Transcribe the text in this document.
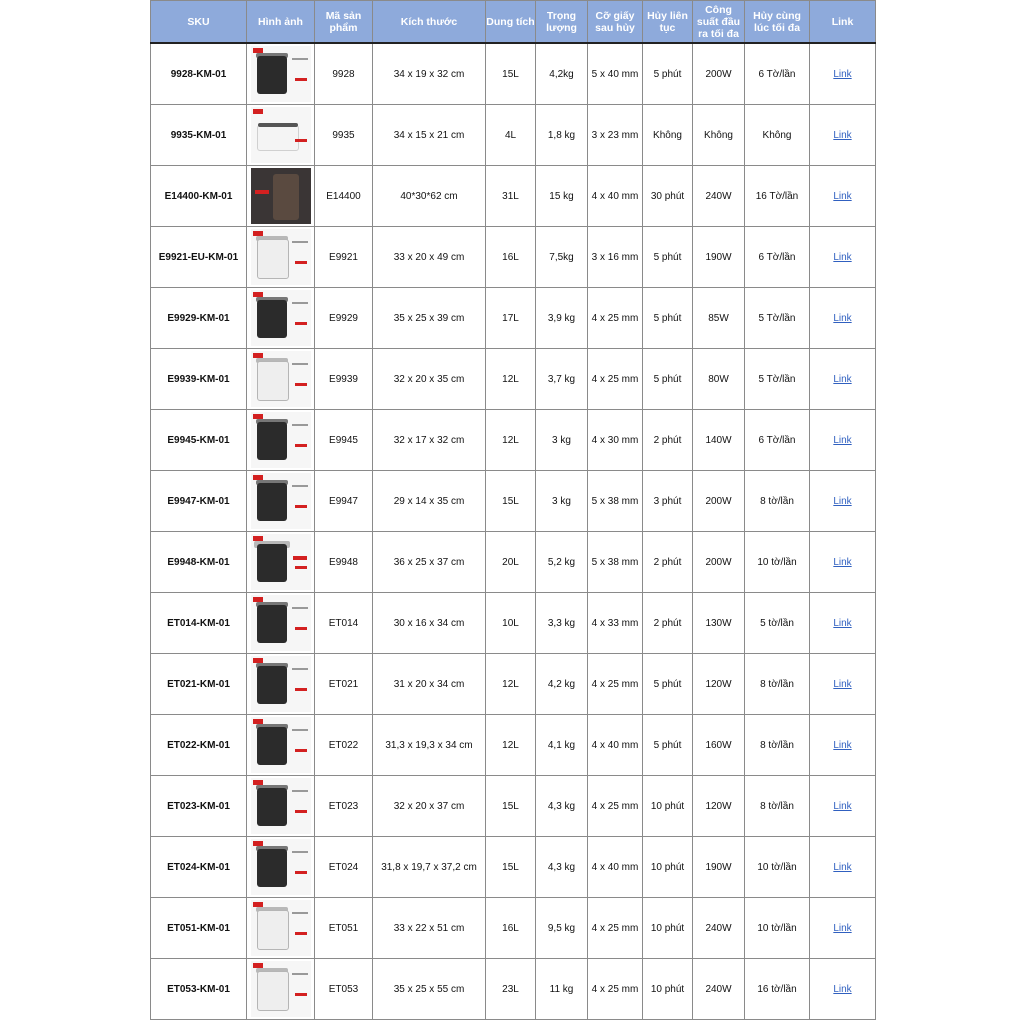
SKU	Hình ảnh	Mã sản phẩm	Kích thước	Dung tích	Trọng lượng	Cỡ giấy sau hủy	Hủy liên tục	Công suất đầu ra tối đa	Hủy cùng lúc tối đa	Link
9928-KM-01		9928	34 x 19 x 32 cm	15L	4,2kg	5 x 40 mm	5 phút	200W	6 Tờ/lần	Link
9935-KM-01		9935	34 x 15 x 21 cm	4L	1,8 kg	3 x 23 mm	Không	Không	Không	Link
E14400-KM-01		E14400	40*30*62 cm	31L	15 kg	4 x 40 mm	30 phút	240W	16 Tờ/lần	Link
E9921-EU-KM-01		E9921	33 x 20 x 49 cm	16L	7,5kg	3 x 16 mm	5 phút	190W	6 Tờ/lần	Link
E9929-KM-01		E9929	35 x 25 x 39 cm	17L	3,9 kg	4 x 25 mm	5 phút	85W	5 Tờ/lần	Link
E9939-KM-01		E9939	32 x 20 x 35 cm	12L	3,7 kg	4 x 25 mm	5 phút	80W	5 Tờ/lần	Link
E9945-KM-01		E9945	32 x 17 x 32 cm	12L	3 kg	4 x 30 mm	2 phút	140W	6 Tờ/lần	Link
E9947-KM-01		E9947	29 x 14 x 35 cm	15L	3 kg	5 x 38 mm	3 phút	200W	8 tờ/lần	Link
E9948-KM-01		E9948	36 x 25 x 37 cm	20L	5,2 kg	5 x 38 mm	2 phút	200W	10 tờ/lần	Link
ET014-KM-01		ET014	30 x 16 x 34 cm	10L	3,3 kg	4 x 33 mm	2 phút	130W	5 tờ/lần	Link
ET021-KM-01		ET021	31 x 20 x 34 cm	12L	4,2 kg	4 x 25 mm	5 phút	120W	8 tờ/lần	Link
ET022-KM-01		ET022	31,3 x 19,3 x 34 cm	12L	4,1 kg	4 x 40 mm	5 phút	160W	8 tờ/lần	Link
ET023-KM-01		ET023	32 x 20 x 37 cm	15L	4,3 kg	4 x 25 mm	10 phút	120W	8 tờ/lần	Link
ET024-KM-01		ET024	31,8 x 19,7 x 37,2 cm	15L	4,3 kg	4 x 40 mm	10 phút	190W	10 tờ/lần	Link
ET051-KM-01		ET051	33 x 22 x 51 cm	16L	9,5 kg	4 x 25 mm	10 phút	240W	10 tờ/lần	Link
ET053-KM-01		ET053	35 x 25 x 55 cm	23L	11 kg	4 x 25 mm	10 phút	240W	16 tờ/lần	Link
